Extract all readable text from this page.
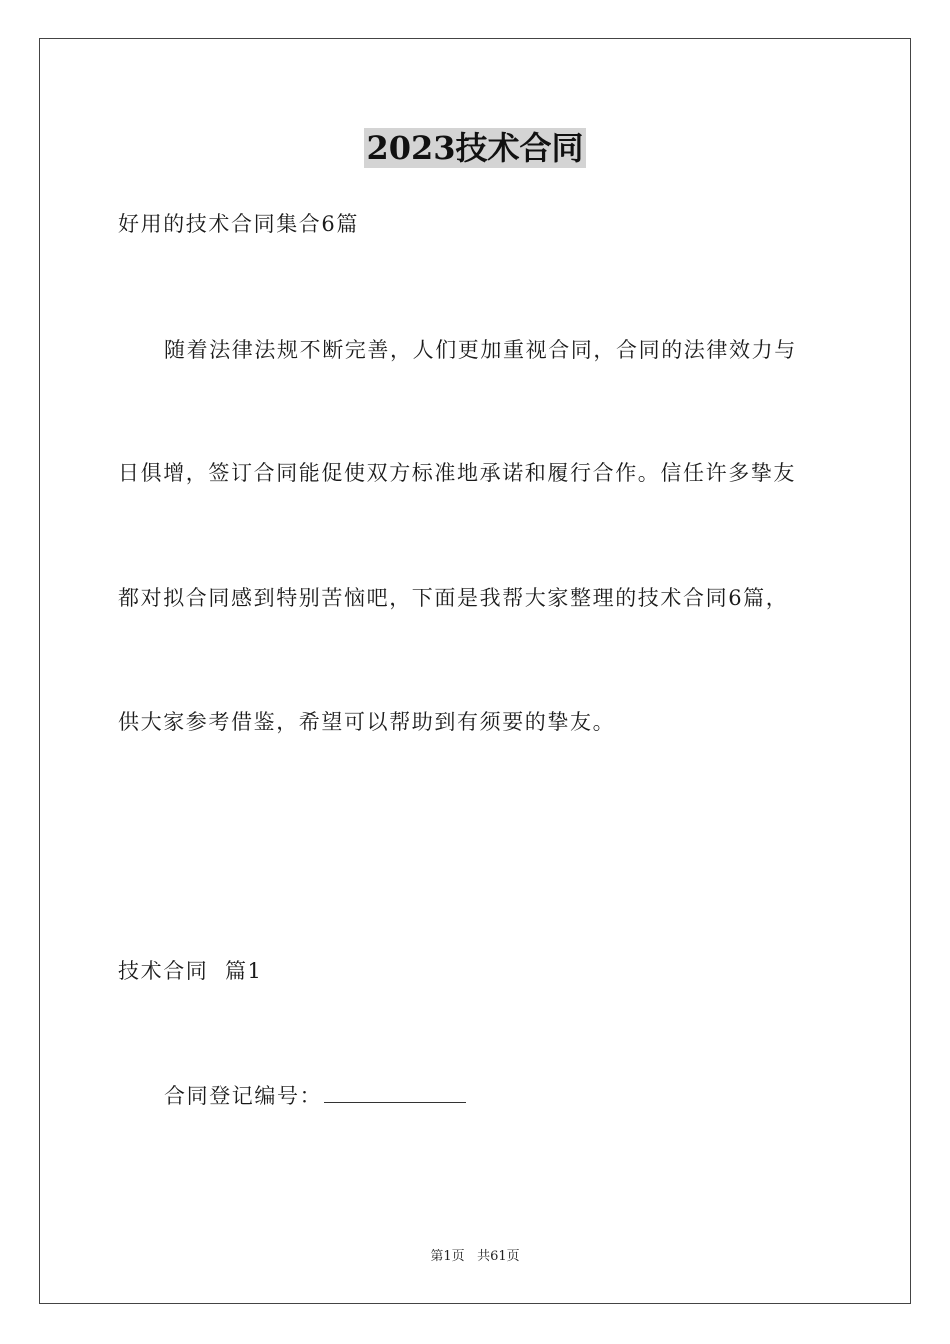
2023技术合同
好用的技术合同集合6篇
随着法律法规不断完善，人们更加重视合同，合同的法律效力与
日俱增，签订合同能促使双方标准地承诺和履行合作。信任许多挚友
都对拟合同感到特别苦恼吧，下面是我帮大家整理的技术合同6篇，
供大家参考借鉴，希望可以帮助到有须要的挚友。
技术合同  篇1
合同登记编号：
第1页 共61页
